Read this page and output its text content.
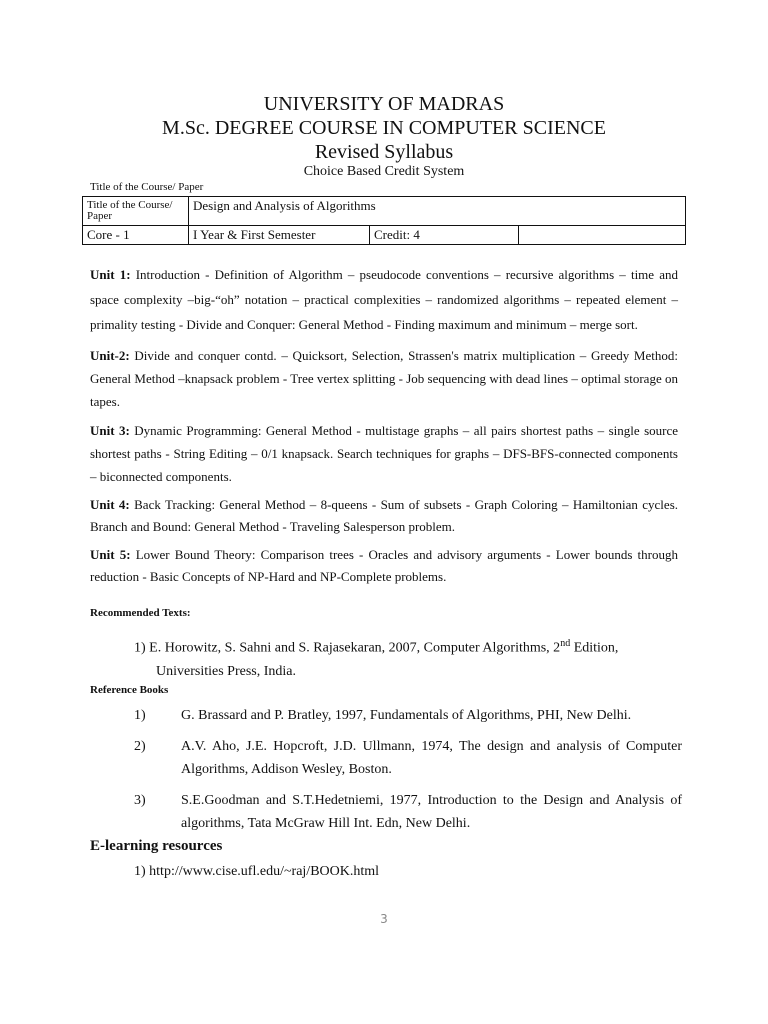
UNIVERSITY OF MADRAS
M.Sc. DEGREE COURSE IN COMPUTER SCIENCE
Revised Syllabus
Choice Based Credit System
Title of the Course/ Paper
Title of the Course/ Paper	Design and Analysis of Algorithms		
Core - 1	I Year & First Semester	Credit: 4	

Unit 1: Introduction - Definition of Algorithm – pseudocode conventions – recursive algorithms – time and space complexity –big-“oh” notation – practical complexities – randomized algorithms – repeated element – primality testing - Divide and Conquer: General Method - Finding maximum and minimum – merge sort.

Unit-2: Divide and conquer contd. – Quicksort, Selection, Strassen's matrix multiplication – Greedy Method: General Method –knapsack problem - Tree vertex splitting - Job sequencing with dead lines – optimal storage on tapes.

Unit 3: Dynamic Programming: General Method - multistage graphs – all pairs shortest paths – single source shortest paths - String Editing – 0/1 knapsack. Search techniques for graphs – DFS-BFS-connected components – biconnected components.

Unit 4: Back Tracking: General Method – 8-queens - Sum of subsets - Graph Coloring – Hamiltonian cycles. Branch and Bound: General Method - Traveling Salesperson problem.

Unit 5: Lower Bound Theory: Comparison trees - Oracles and advisory arguments - Lower bounds through reduction - Basic Concepts of NP-Hard and NP-Complete problems.

Recommended Texts:
1) E. Horowitz, S. Sahni and S. Rajasekaran, 2007, Computer Algorithms, 2nd Edition,
Universities Press, India.
Reference Books
1)	G. Brassard and P. Bratley, 1997, Fundamentals of Algorithms, PHI, New Delhi.
2)	A.V. Aho, J.E. Hopcroft, J.D. Ullmann, 1974, The design and analysis of Computer Algorithms, Addison Wesley, Boston.
3)	S.E.Goodman and S.T.Hedetniemi, 1977, Introduction to the Design and Analysis of algorithms, Tata McGraw Hill Int. Edn, New Delhi.
E-learning resources
1) http://www.cise.ufl.edu/~raj/BOOK.html
3
